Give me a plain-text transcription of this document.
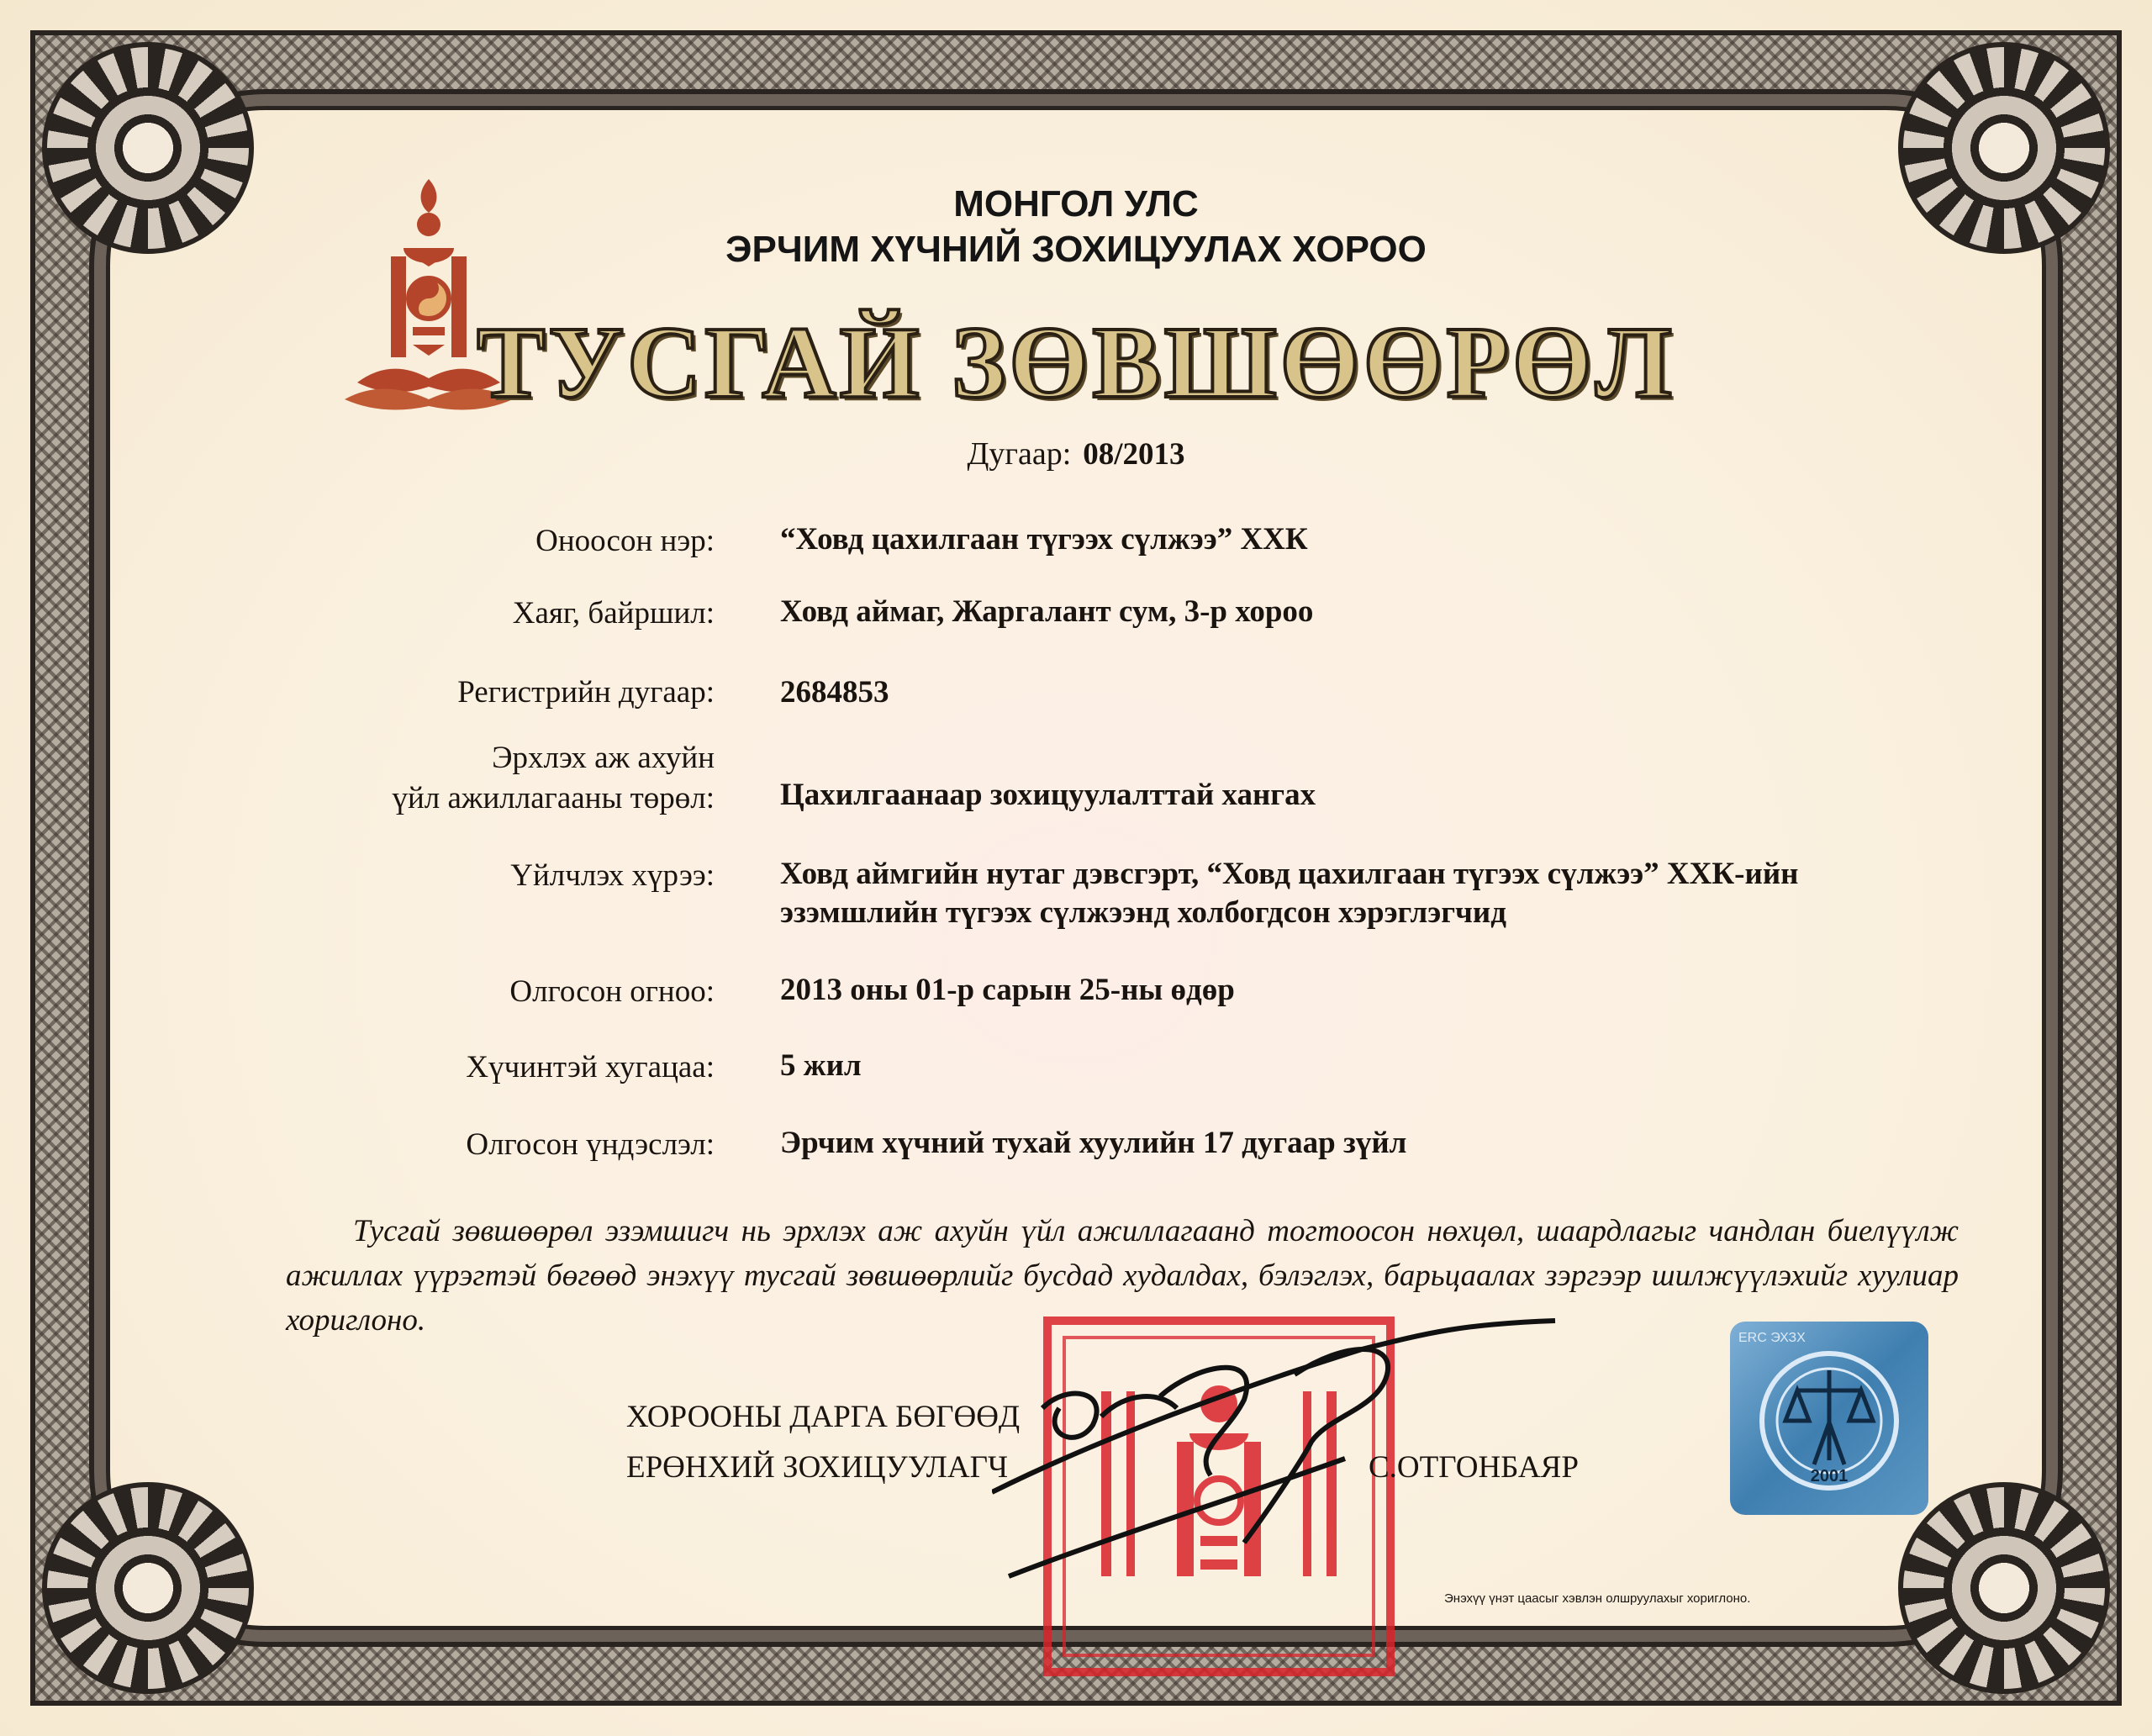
МОНГОЛ УЛС
ЭРЧИМ ХҮЧНИЙ ЗОХИЦУУЛАХ ХОРОО
ТУСГАЙ ЗӨВШӨӨРӨЛ
Дугаар: 08/2013
Оноосон нэр: “Ховд цахилгаан түгээх сүлжээ” ХХК
Хаяг, байршил: Ховд аймаг, Жаргалант сум, 3-р хороо
Регистрийн дугаар: 2684853
Эрхлэх аж ахуйн
үйл ажиллагааны төрөл: Цахилгаанаар зохицуулалттай хангах
Үйлчлэх хүрээ: Ховд аймгийн нутаг дэвсгэрт, “Ховд цахилгаан түгээх сүлжээ” ХХК-ийн
эзэмшлийн түгээх сүлжээнд холбогдсон хэрэглэгчид
Олгосон огноо: 2013 оны 01-р сарын 25-ны өдөр
Хүчинтэй хугацаа: 5 жил
Олгосон үндэслэл: Эрчим хүчний тухай хуулийн 17 дугаар зүйл
Тусгай зөвшөөрөл эзэмшигч нь эрхлэх аж ахуйн үйл ажиллагаанд тогтоосон нөхцөл, шаардлагыг чандлан биелүүлж ажиллах үүрэгтэй бөгөөд энэхүү тусгай зөвшөөрлийг бусдад худалдах, бэлэглэх, барьцаалах зэргээр шилжүүлэхийг хуулиар хориглоно.
ХОРООНЫ ДАРГА БӨГӨӨД
ЕРӨНХИЙ ЗОХИЦУУЛАГЧ	С.ОТГОНБАЯР
ERC ЭХЗХ
2001
Энэхүү үнэт цаасыг хэвлэн олшруулахыг хориглоно.
